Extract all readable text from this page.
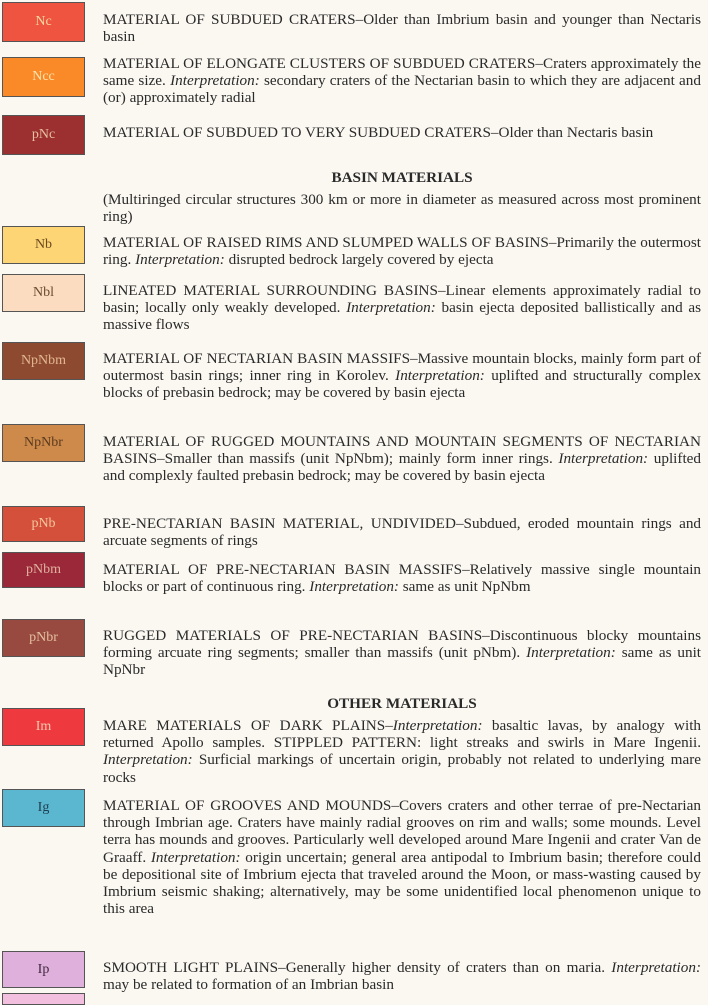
Nc
Ncc
pNc
Nb
Nbl
NpNbm
NpNbr
pNb
pNbm
pNbr
Im
Ig
Ip
MATERIAL OF SUBDUED CRATERS–Older than Imbrium basin and younger than Nectaris basin
MATERIAL OF ELONGATE CLUSTERS OF SUBDUED CRATERS–Craters approximately the same size. Interpretation: secondary craters of the Nectarian basin to which they are adjacent and (or) approximately radial
MATERIAL OF SUBDUED TO VERY SUBDUED CRATERS–Older than Nectaris basin
BASIN MATERIALS
(Multiringed circular structures 300 km or more in diameter as measured across most prominent ring)
MATERIAL OF RAISED RIMS AND SLUMPED WALLS OF BASINS–Primarily the outermost ring. Interpretation: disrupted bedrock largely covered by ejecta
LINEATED MATERIAL SURROUNDING BASINS–Linear elements approximately radial to basin; locally only weakly developed. Interpretation: basin ejecta deposited ballistically and as massive flows
MATERIAL OF NECTARIAN BASIN MASSIFS–Massive mountain blocks, mainly form part of outermost basin rings; inner ring in Korolev. Interpretation: uplifted and structurally complex blocks of prebasin bedrock; may be covered by basin ejecta
MATERIAL OF RUGGED MOUNTAINS AND MOUNTAIN SEGMENTS OF NECTARIAN BASINS–Smaller than massifs (unit NpNbm); mainly form inner rings. Interpretation: uplifted and complexly faulted prebasin bedrock; may be covered by basin ejecta
PRE-NECTARIAN BASIN MATERIAL, UNDIVIDED–Subdued, eroded mountain rings and arcuate segments of rings
MATERIAL OF PRE-NECTARIAN BASIN MASSIFS–Relatively massive single mountain blocks or part of continuous ring. Interpretation: same as unit NpNbm
RUGGED MATERIALS OF PRE-NECTARIAN BASINS–Discontinuous blocky mountains forming arcuate ring segments; smaller than massifs (unit pNbm). Interpretation: same as unit NpNbr
OTHER MATERIALS
MARE MATERIALS OF DARK PLAINS–Interpretation: basaltic lavas, by analogy with returned Apollo samples. STIPPLED PATTERN: light streaks and swirls in Mare Ingenii. Interpretation: Surficial markings of uncertain origin, probably not related to underlying mare rocks
MATERIAL OF GROOVES AND MOUNDS–Covers craters and other terrae of pre-Nectarian through Imbrian age. Craters have mainly radial grooves on rim and walls; some mounds. Level terra has mounds and grooves. Particularly well developed around Mare Ingenii and crater Van de Graaff. Interpretation: origin uncertain; general area antipodal to Imbrium basin; therefore could be depositional site of Imbrium ejecta that traveled around the Moon, or mass-wasting caused by Imbrium seismic shaking; alternatively, may be some unidentified local phenomenon unique to this area
SMOOTH LIGHT PLAINS–Generally higher density of craters than on maria. Interpretation: may be related to formation of an Imbrian basin
